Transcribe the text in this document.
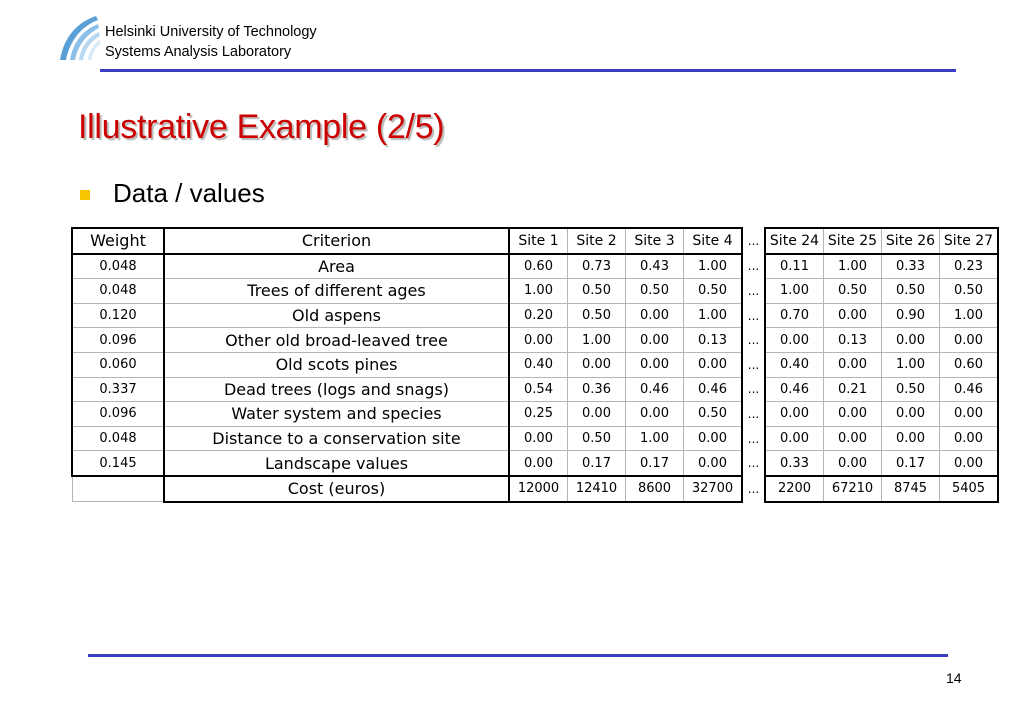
Helsinki University of Technology
Systems Analysis Laboratory
Illustrative Example (2/5)
Data / values
Weight	Criterion	Site 1	Site 2	Site 3	Site 4	...	Site 24	Site 25	Site 26	Site 27
0.048	Area	0.60	0.73	0.43	1.00	...	0.11	1.00	0.33	0.23
0.048	Trees of different ages	1.00	0.50	0.50	0.50	...	1.00	0.50	0.50	0.50
0.120	Old aspens	0.20	0.50	0.00	1.00	...	0.70	0.00	0.90	1.00
0.096	Other old broad-leaved tree	0.00	1.00	0.00	0.13	...	0.00	0.13	0.00	0.00
0.060	Old scots pines	0.40	0.00	0.00	0.00	...	0.40	0.00	1.00	0.60
0.337	Dead trees (logs and snags)	0.54	0.36	0.46	0.46	...	0.46	0.21	0.50	0.46
0.096	Water system and species	0.25	0.00	0.00	0.50	...	0.00	0.00	0.00	0.00
0.048	Distance to a conservation site	0.00	0.50	1.00	0.00	...	0.00	0.00	0.00	0.00
0.145	Landscape values	0.00	0.17	0.17	0.00	...	0.33	0.00	0.17	0.00
	Cost (euros)	12000	12410	8600	32700	...	2200	67210	8745	5405
14
